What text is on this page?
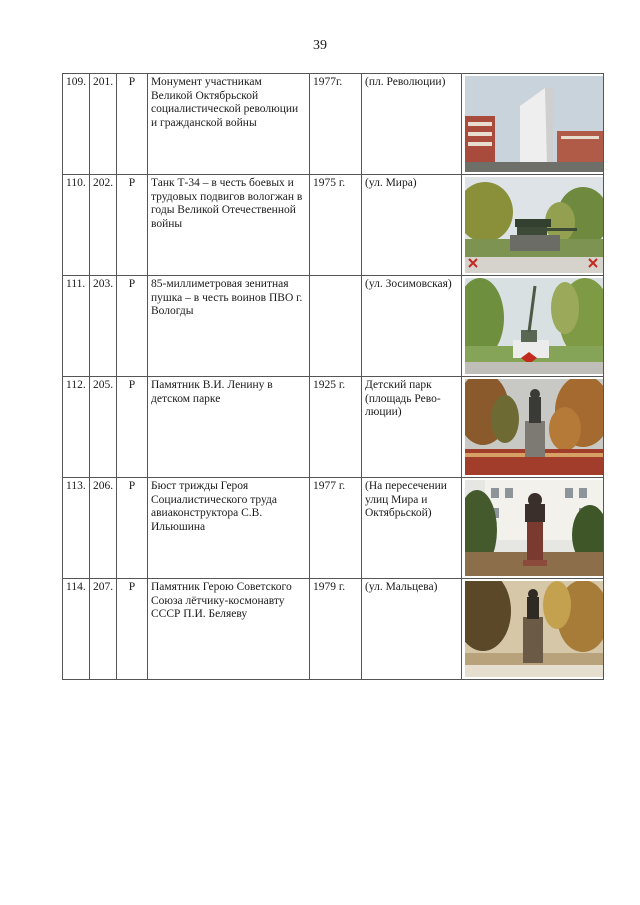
39
109.	201.	Р	Монумент участникам Великой Октябрьской социалистической революции и гражданской войны	1977г.	(пл. Революции)	

110.	202.	Р	Танк Т-34 – в честь боевых и трудовых подвигов вологжан в годы Великой Отечественной войны	1975 г.	(ул. Мира)	

111.	203.	Р	85-миллиметровая зенитная пушка – в честь воинов ПВО г. Вологды		(ул. Зосимовская)	

112.	205.	Р	Памятник В.И. Ленину в детском парке	1925 г.	Детский парк (площадь Рево-люции)	

113.	206.	Р	Бюст трижды Героя Социалистического труда авиаконструктора С.В. Ильюшина	1977 г.	(На пересечении улиц Мира и Октябрьской)	

114.	207.	Р	Памятник Герою Советского Союза лётчику-космонавту СССР П.И. Беляеву	1979 г.	(ул. Мальцева)	
